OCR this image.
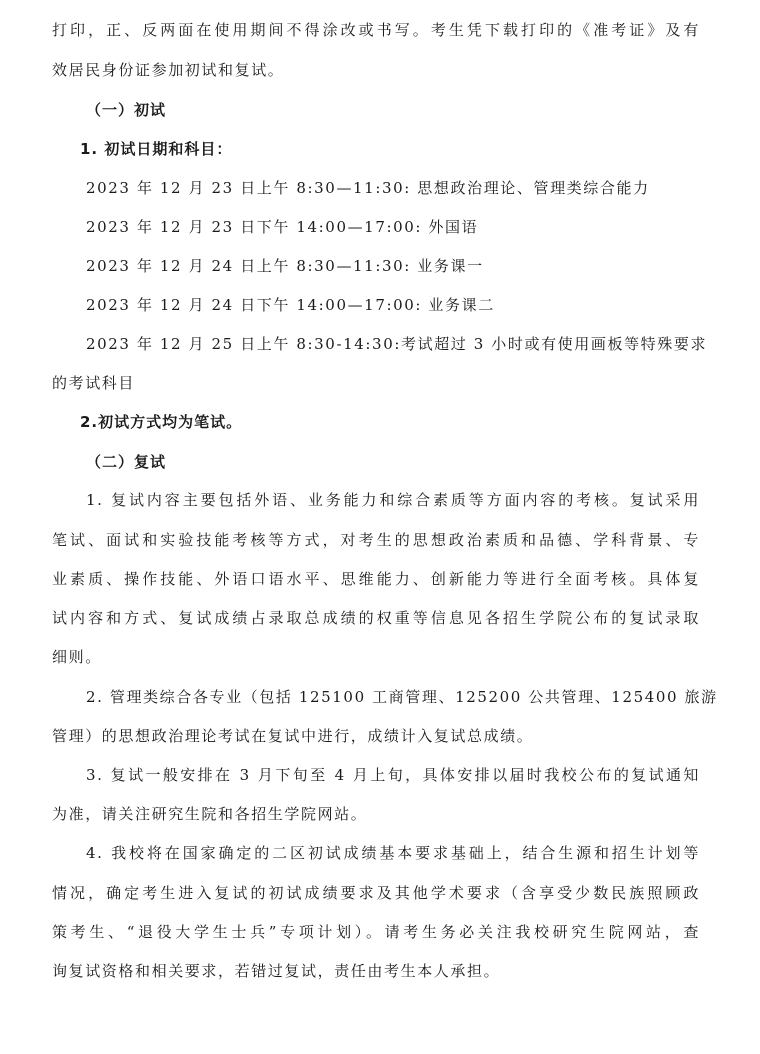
打印，正、反两面在使用期间不得涂改或书写。考生凭下载打印的《准考证》及有
效居民身份证参加初试和复试。
（一）初试
1. 初试日期和科目：
2023 年 12 月 23 日上午 8:30—11:30: 思想政治理论、管理类综合能力
2023 年 12 月 23 日下午 14:00—17:00: 外国语
2023 年 12 月 24 日上午 8:30—11:30: 业务课一
2023 年 12 月 24 日下午 14:00—17:00: 业务课二
2023 年 12 月 25 日上午 8:30-14:30:考试超过 3 小时或有使用画板等特殊要求
的考试科目
2.初试方式均为笔试。
（二）复试
1. 复试内容主要包括外语、业务能力和综合素质等方面内容的考核。复试采用
笔试、面试和实验技能考核等方式，对考生的思想政治素质和品德、学科背景、专
业素质、操作技能、外语口语水平、思维能力、创新能力等进行全面考核。具体复
试内容和方式、复试成绩占录取总成绩的权重等信息见各招生学院公布的复试录取
细则。
2. 管理类综合各专业（包括 125100 工商管理、125200 公共管理、125400 旅游
管理）的思想政治理论考试在复试中进行，成绩计入复试总成绩。
3. 复试一般安排在 3 月下旬至 4 月上旬，具体安排以届时我校公布的复试通知
为准，请关注研究生院和各招生学院网站。
4. 我校将在国家确定的二区初试成绩基本要求基础上，结合生源和招生计划等
情况，确定考生进入复试的初试成绩要求及其他学术要求（含享受少数民族照顾政
策考生、“退役大学生士兵”专项计划）。请考生务必关注我校研究生院网站，查
询复试资格和相关要求，若错过复试，责任由考生本人承担。
